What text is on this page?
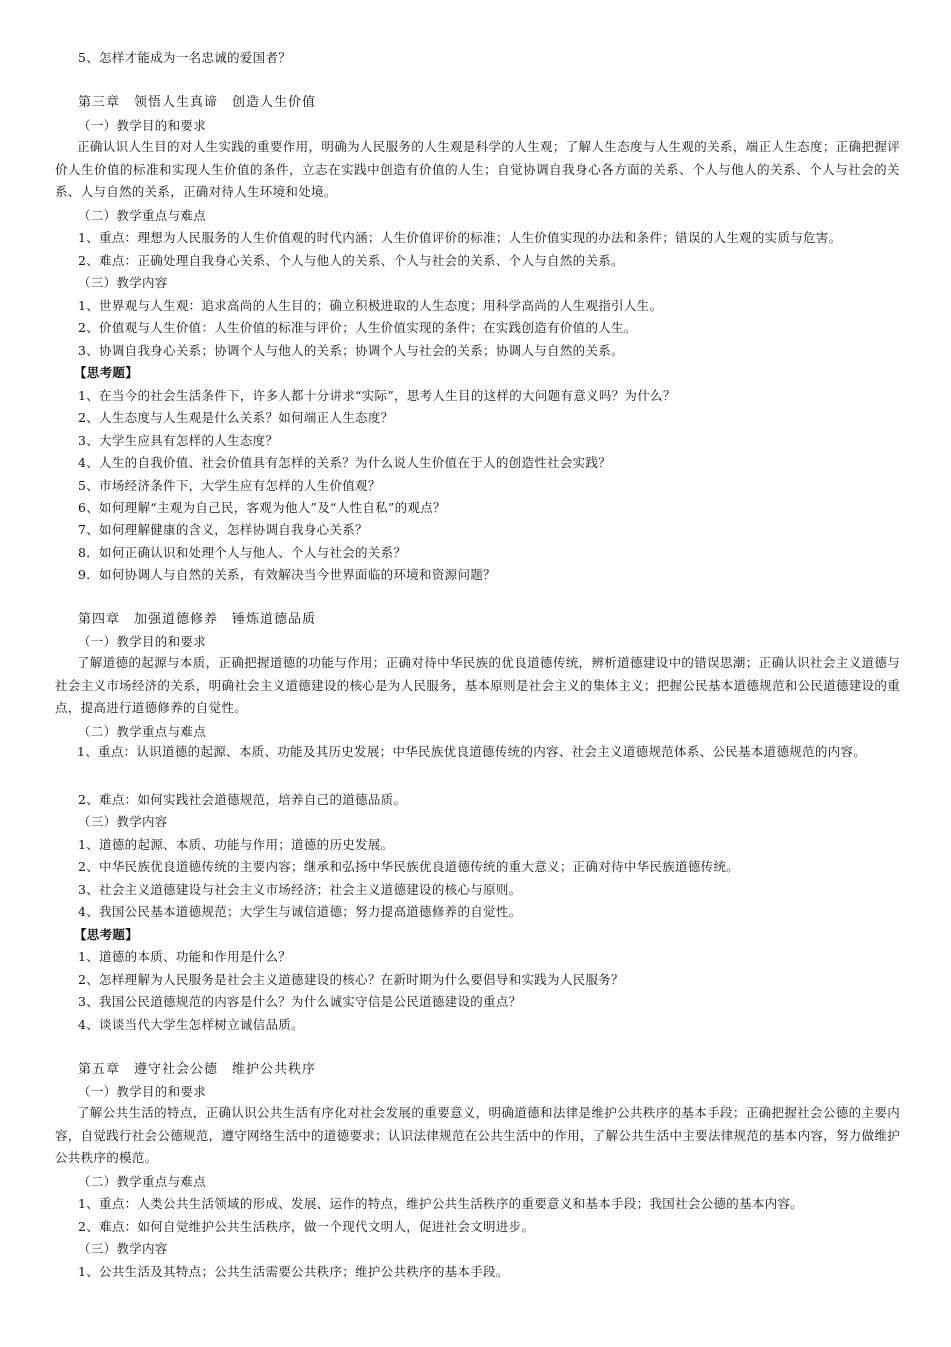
5、怎样才能成为一名忠诚的爱国者？
第三章　领悟人生真谛　创造人生价值
（一）教学目的和要求
正确认识人生目的对人生实践的重要作用，明确为人民服务的人生观是科学的人生观；了解人生态度与人生观的关系，端正人生态度；正确把握评价人生价值的标准和实现人生价值的条件，立志在实践中创造有价值的人生；自觉协调自我身心各方面的关系、个人与他人的关系、个人与社会的关系、人与自然的关系，正确对待人生环境和处境。
（二）教学重点与难点
1、重点：理想为人民服务的人生价值观的时代内涵；人生价值评价的标准；人生价值实现的办法和条件；错误的人生观的实质与危害。
2、难点：正确处理自我身心关系、个人与他人的关系、个人与社会的关系、个人与自然的关系。
（三）教学内容
1、世界观与人生观：追求高尚的人生目的；确立积极进取的人生态度；用科学高尚的人生观指引人生。
2、价值观与人生价值：人生价值的标准与评价；人生价值实现的条件；在实践创造有价值的人生。
3、协调自我身心关系；协调个人与他人的关系；协调个人与社会的关系；协调人与自然的关系。
【思考题】
1、在当今的社会生活条件下，许多人都十分讲求“实际”，思考人生目的这样的大问题有意义吗？为什么？
2、人生态度与人生观是什么关系？如何端正人生态度？
3、大学生应具有怎样的人生态度？
4、人生的自我价值、社会价值具有怎样的关系？为什么说人生价值在于人的创造性社会实践？
5、市场经济条件下，大学生应有怎样的人生价值观？
6、如何理解“主观为自己民，客观为他人”及“人性自私”的观点？
7、如何理解健康的含义，怎样协调自我身心关系？
8．如何正确认识和处理个人与他人、个人与社会的关系？
9．如何协调人与自然的关系，有效解决当今世界面临的环境和资源问题？
第四章　加强道德修养　锤炼道德品质
（一）教学目的和要求
了解道德的起源与本质，正确把握道德的功能与作用；正确对待中华民族的优良道德传统，辨析道德建设中的错误思潮；正确认识社会主义道德与社会主义市场经济的关系，明确社会主义道德建设的核心是为人民服务，基本原则是社会主义的集体主义；把握公民基本道德规范和公民道德建设的重点，提高进行道德修养的自觉性。
（二）教学重点与难点
1、重点：认识道德的起源、本质、功能及其历史发展；中华民族优良道德传统的内容、社会主义道德规范体系、公民基本道德规范的内容。
2、难点：如何实践社会道德规范，培养自己的道德品质。
（三）教学内容
1、道德的起源、本质、功能与作用；道德的历史发展。
2、中华民族优良道德传统的主要内容；继承和弘扬中华民族优良道德传统的重大意义；正确对待中华民族道德传统。
3、社会主义道德建设与社会主义市场经济；社会主义道德建设的核心与原则。
4、我国公民基本道德规范；大学生与诚信道德；努力提高道德修养的自觉性。
【思考题】
1、道德的本质、功能和作用是什么？
2、怎样理解为人民服务是社会主义道德建设的核心？在新时期为什么要倡导和实践为人民服务？
3、我国公民道德规范的内容是什么？为什么诚实守信是公民道德建设的重点？
4、谈谈当代大学生怎样树立诚信品质。
第五章　遵守社会公德　维护公共秩序
（一）教学目的和要求
了解公共生活的特点，正确认识公共生活有序化对社会发展的重要意义，明确道德和法律是维护公共秩序的基本手段；正确把握社会公德的主要内容，自觉践行社会公德规范，遵守网络生活中的道德要求；认识法律规范在公共生活中的作用，了解公共生活中主要法律规范的基本内容，努力做维护公共秩序的模范。
（二）教学重点与难点
1、重点：人类公共生活领域的形成、发展、运作的特点，维护公共生活秩序的重要意义和基本手段；我国社会公德的基本内容。
2、难点：如何自觉维护公共生活秩序，做一个现代文明人，促进社会文明进步。
（三）教学内容
1、公共生活及其特点；公共生活需要公共秩序；维护公共秩序的基本手段。
